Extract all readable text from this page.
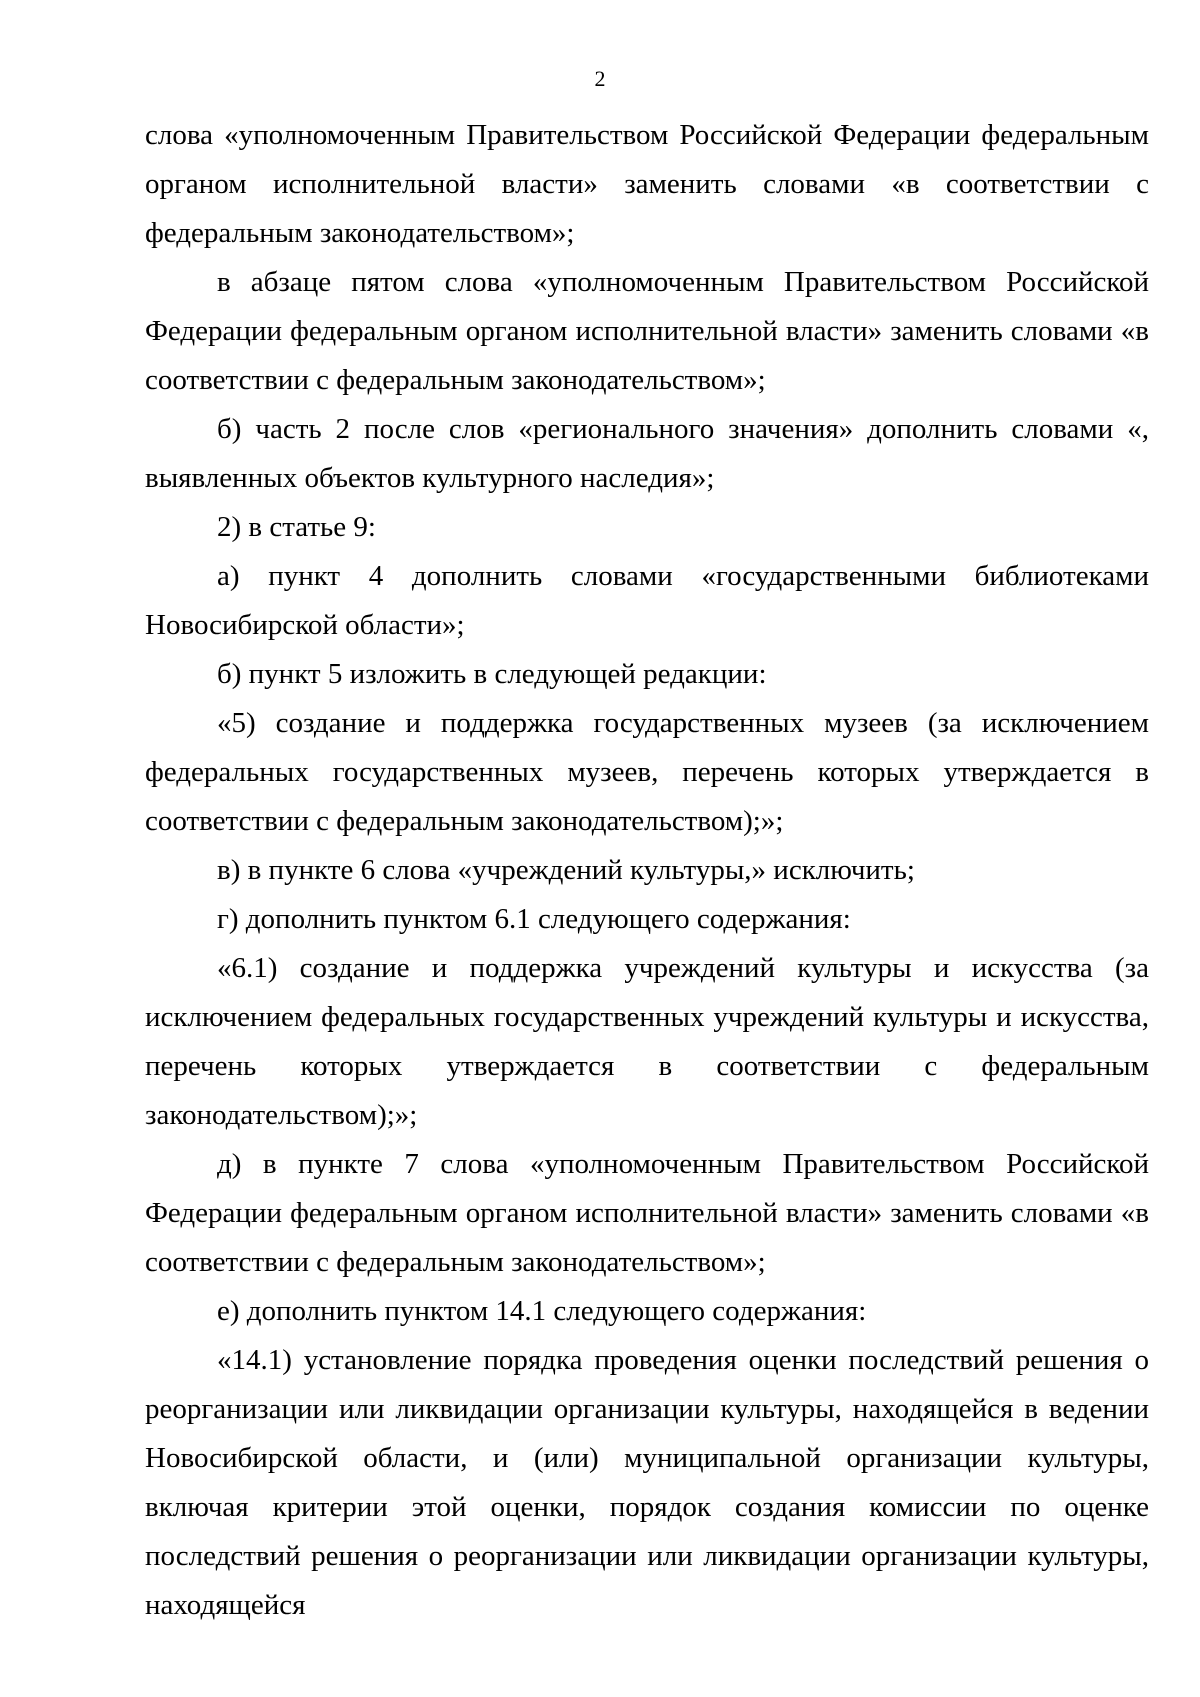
2

слова «уполномоченным Правительством Российской Федерации федеральным органом исполнительной власти» заменить словами «в соответствии с федеральным законодательством»;

в абзаце пятом слова «уполномоченным Правительством Российской Федерации федеральным органом исполнительной власти» заменить словами «в соответствии с федеральным законодательством»;

б) часть 2 после слов «регионального значения» дополнить словами «, выявленных объектов культурного наследия»;

2) в статье 9:

а) пункт 4 дополнить словами «государственными библиотеками Новосибирской области»;

б) пункт 5 изложить в следующей редакции:

«5) создание и поддержка государственных музеев (за исключением федеральных государственных музеев, перечень которых утверждается в соответствии с федеральным законодательством);»;

в) в пункте 6 слова «учреждений культуры,» исключить;

г) дополнить пунктом 6.1 следующего содержания:

«6.1) создание и поддержка учреждений культуры и искусства (за исключением федеральных государственных учреждений культуры и искусства, перечень которых утверждается в соответствии с федеральным законодательством);»;

д) в пункте 7 слова «уполномоченным Правительством Российской Федерации федеральным органом исполнительной власти» заменить словами «в соответствии с федеральным законодательством»;

е) дополнить пунктом 14.1 следующего содержания:

«14.1) установление порядка проведения оценки последствий решения о реорганизации или ликвидации организации культуры, находящейся в ведении Новосибирской области, и (или) муниципальной организации культуры, включая критерии этой оценки, порядок создания комиссии по оценке последствий решения о реорганизации или ликвидации организации культуры, находящейся
